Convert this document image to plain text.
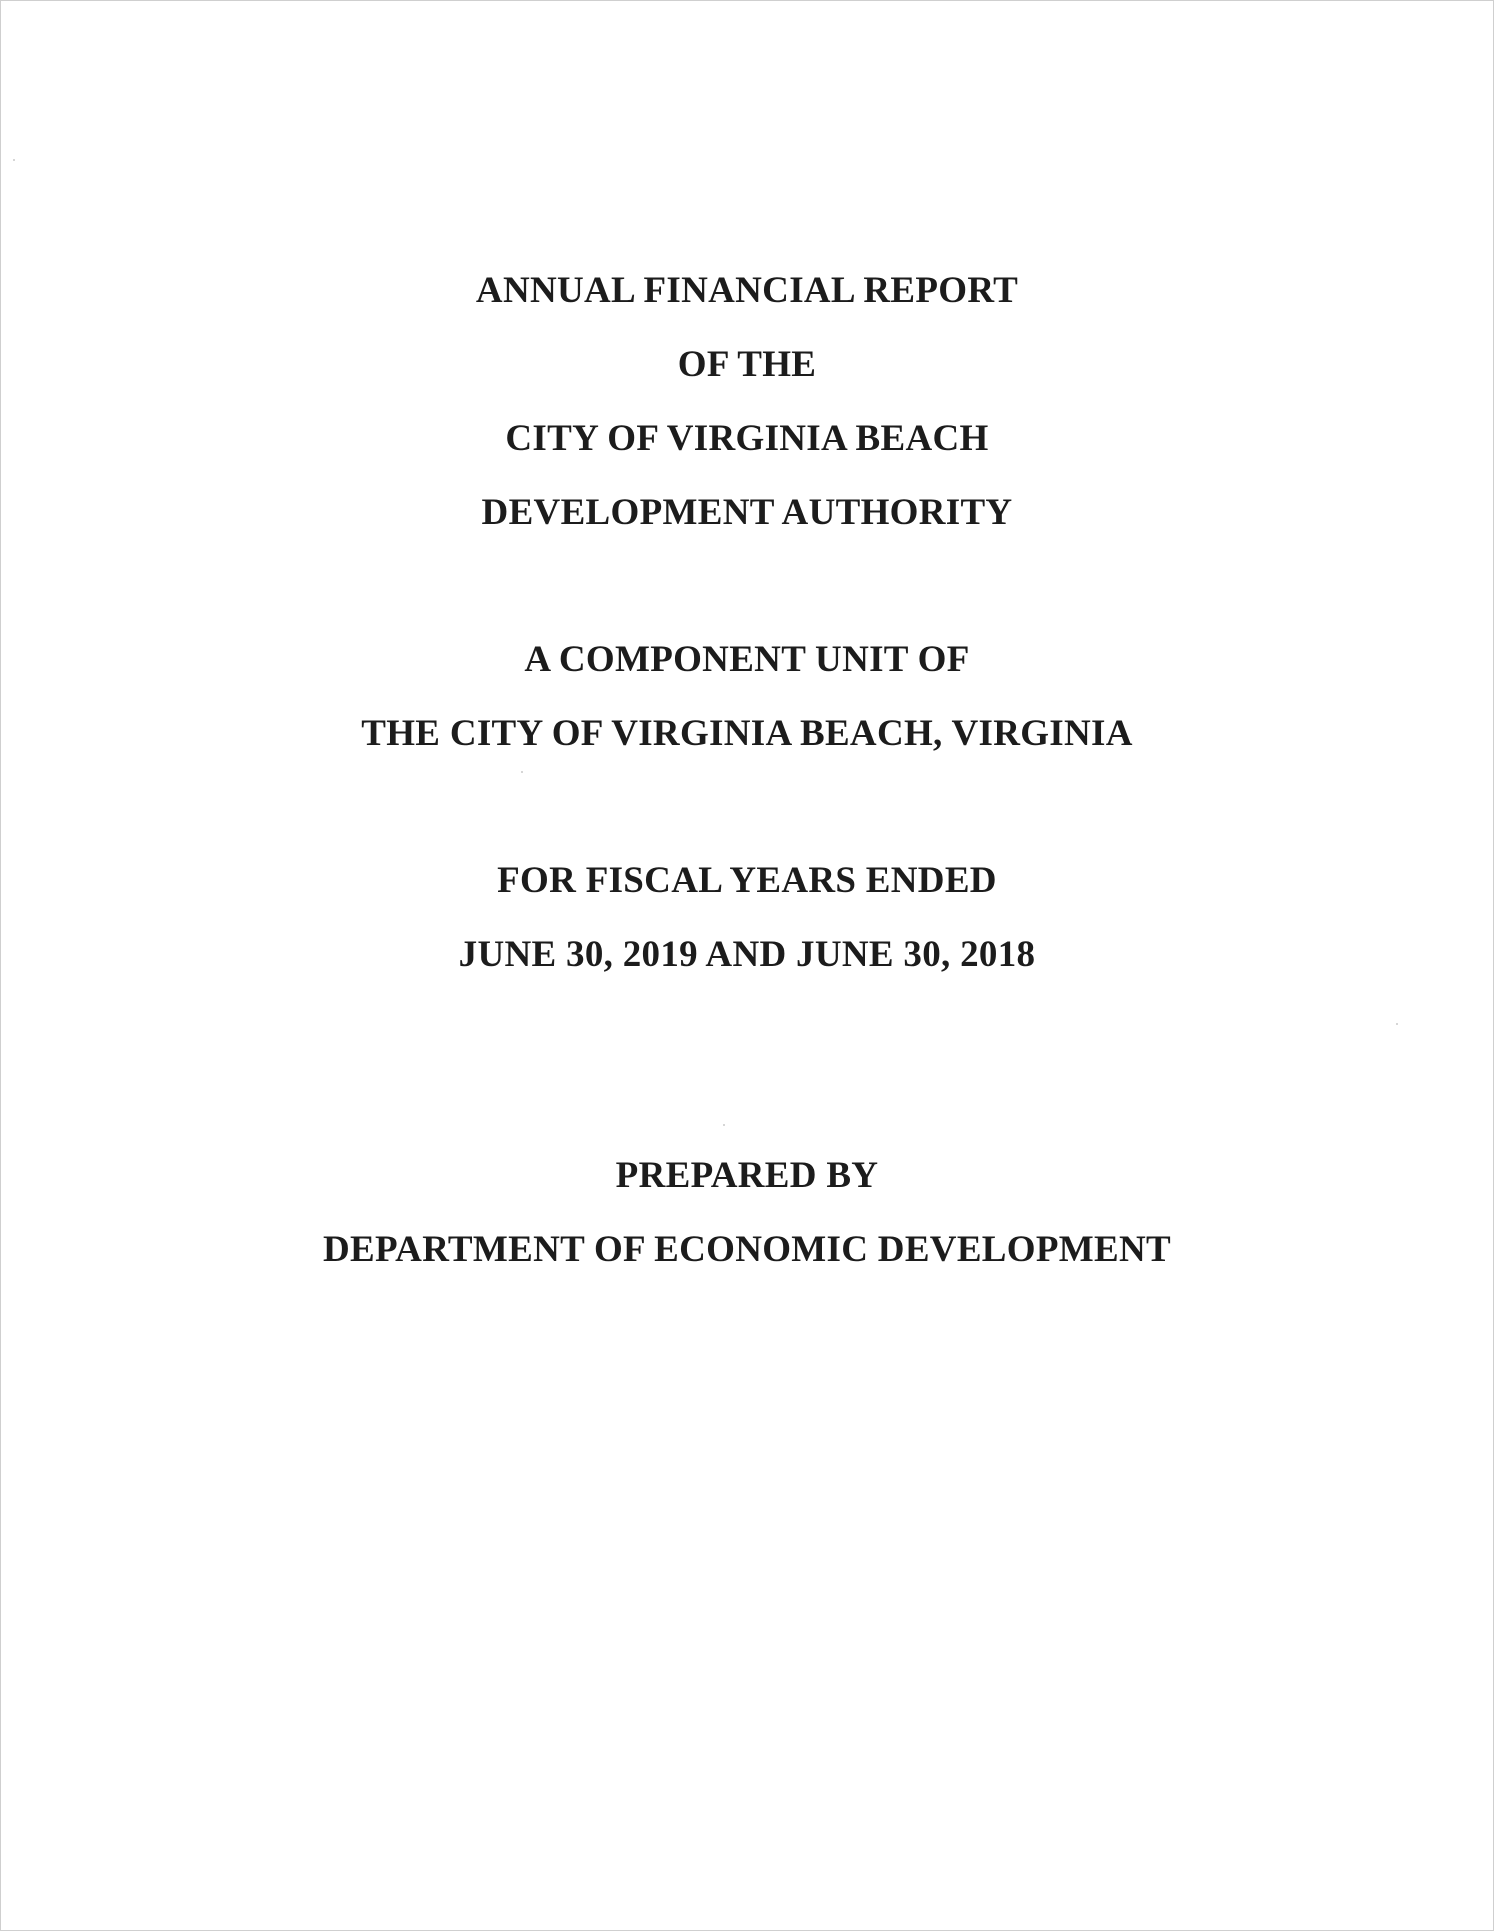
ANNUAL FINANCIAL REPORT
OF THE
CITY OF VIRGINIA BEACH
DEVELOPMENT AUTHORITY
A COMPONENT UNIT OF
THE CITY OF VIRGINIA BEACH, VIRGINIA
FOR FISCAL YEARS ENDED
JUNE 30, 2019 AND JUNE 30, 2018
PREPARED BY
DEPARTMENT OF ECONOMIC DEVELOPMENT
